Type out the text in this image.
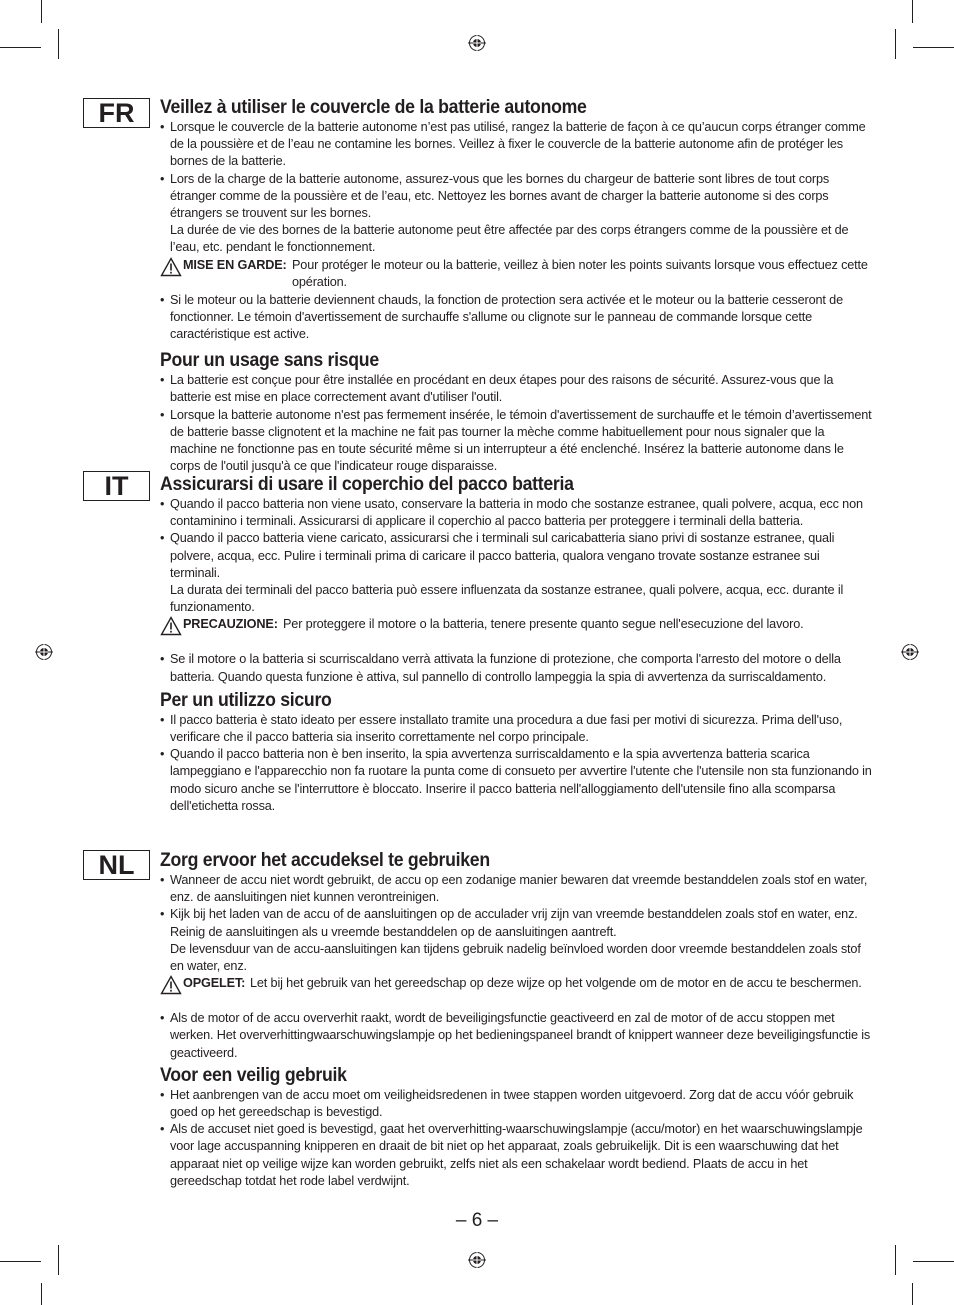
FR
IT
NL
Veillez à utiliser le couvercle de la batterie autonome
• Lorsque le couvercle de la batterie autonome n’est pas utilisé, rangez la batterie de façon à ce qu’aucun corps étranger comme de la poussière et de l’eau ne contamine les bornes. Veillez à fixer le couvercle de la batterie autonome afin de protéger les bornes de la batterie.
• Lors de la charge de la batterie autonome, assurez-vous que les bornes du chargeur de batterie sont libres de tout corps étranger comme de la poussière et de l’eau, etc. Nettoyez les bornes avant de charger la batterie autonome si des corps étrangers se trouvent sur les bornes.
La durée de vie des bornes de la batterie autonome peut être affectée par des corps étrangers comme de la poussière et de l’eau, etc. pendant le fonctionnement.
MISE EN GARDE: Pour protéger le moteur ou la batterie, veillez à bien noter les points suivants lorsque vous effectuez cette opération.
• Si le moteur ou la batterie deviennent chauds, la fonction de protection sera activée et le moteur ou la batterie cesseront de fonctionner. Le témoin d'avertissement de surchauffe s'allume ou clignote sur le panneau de commande lorsque cette caractéristique est active.
Pour un usage sans risque
• La batterie est conçue pour être installée en procédant en deux étapes pour des raisons de sécurité. Assurez-vous que la batterie est mise en place correctement avant d'utiliser l'outil.
• Lorsque la batterie autonome n'est pas fermement insérée, le témoin d'avertissement de surchauffe et le témoin d’avertissement de batterie basse clignotent et la machine ne fait pas tourner la mèche comme habituellement pour nous signaler que la machine ne fonctionne pas en toute sécurité même si un interrupteur a été enclenché. Insérez la batterie autonome dans le corps de l'outil jusqu'à ce que l'indicateur rouge disparaisse.
Assicurarsi di usare il coperchio del pacco batteria
• Quando il pacco batteria non viene usato, conservare la batteria in modo che sostanze estranee, quali polvere, acqua, ecc non contaminino i terminali. Assicurarsi di applicare il coperchio al pacco batteria per proteggere i terminali della batteria.
• Quando il pacco batteria viene caricato, assicurarsi che i terminali sul caricabatteria siano privi di sostanze estranee, quali polvere, acqua, ecc. Pulire i terminali prima di caricare il pacco batteria, qualora vengano trovate sostanze estranee sui terminali.
La durata dei terminali del pacco batteria può essere influenzata da sostanze estranee, quali polvere, acqua, ecc. durante il funzionamento.
PRECAUZIONE: Per proteggere il motore o la batteria, tenere presente quanto segue nell'esecuzione del lavoro.
• Se il motore o la batteria si scurriscaldano verrà attivata la funzione di protezione, che comporta l'arresto del motore o della batteria. Quando questa funzione è attiva, sul pannello di controllo lampeggia la spia di avvertenza da surriscaldamento.
Per un utilizzo sicuro
• Il pacco batteria è stato ideato per essere installato tramite una procedura a due fasi per motivi di sicurezza. Prima dell'uso, verificare che il pacco batteria sia inserito correttamente nel corpo principale.
• Quando il pacco batteria non è ben inserito, la spia avvertenza surriscaldamento e la spia avvertenza batteria scarica lampeggiano e l'apparecchio non fa ruotare la punta come di consueto per avvertire l'utente che l'utensile non sta funzionando in modo sicuro anche se l'interruttore è bloccato. Inserire il pacco batteria nell'alloggiamento dell'utensile fino alla scomparsa dell'etichetta rossa.
Zorg ervoor het accudeksel te gebruiken
• Wanneer de accu niet wordt gebruikt, de accu op een zodanige manier bewaren dat vreemde bestanddelen zoals stof en water, enz. de aansluitingen niet kunnen verontreinigen.
• Kijk bij het laden van de accu of de aansluitingen op de acculader vrij zijn van vreemde bestanddelen zoals stof en water, enz. Reinig de aansluitingen als u vreemde bestanddelen op de aansluitingen aantreft.
De levensduur van de accu-aansluitingen kan tijdens gebruik nadelig beïnvloed worden door vreemde bestanddelen zoals stof en water, enz.
OPGELET: Let bij het gebruik van het gereedschap op deze wijze op het volgende om de motor en de accu te beschermen.
• Als de motor of de accu oververhit raakt, wordt de beveiligingsfunctie geactiveerd en zal de motor of de accu stoppen met werken. Het oververhittingwaarschuwingslampje op het bedieningspaneel brandt of knippert wanneer deze beveiligingsfunctie is geactiveerd.
Voor een veilig gebruik
• Het aanbrengen van de accu moet om veiligheidsredenen in twee stappen worden uitgevoerd. Zorg dat de accu vóór gebruik goed op het gereedschap is bevestigd.
• Als de accuset niet goed is bevestigd, gaat het oververhitting-waarschuwingslampje (accu/motor) en het waarschuwingslampje voor lage accuspanning knipperen en draait de bit niet op het apparaat, zoals gebruikelijk. Dit is een waarschuwing dat het apparaat niet op veilige wijze kan worden gebruikt, zelfs niet als een schakelaar wordt bediend. Plaats de accu in het gereedschap totdat het rode label verdwijnt.
– 6 –
